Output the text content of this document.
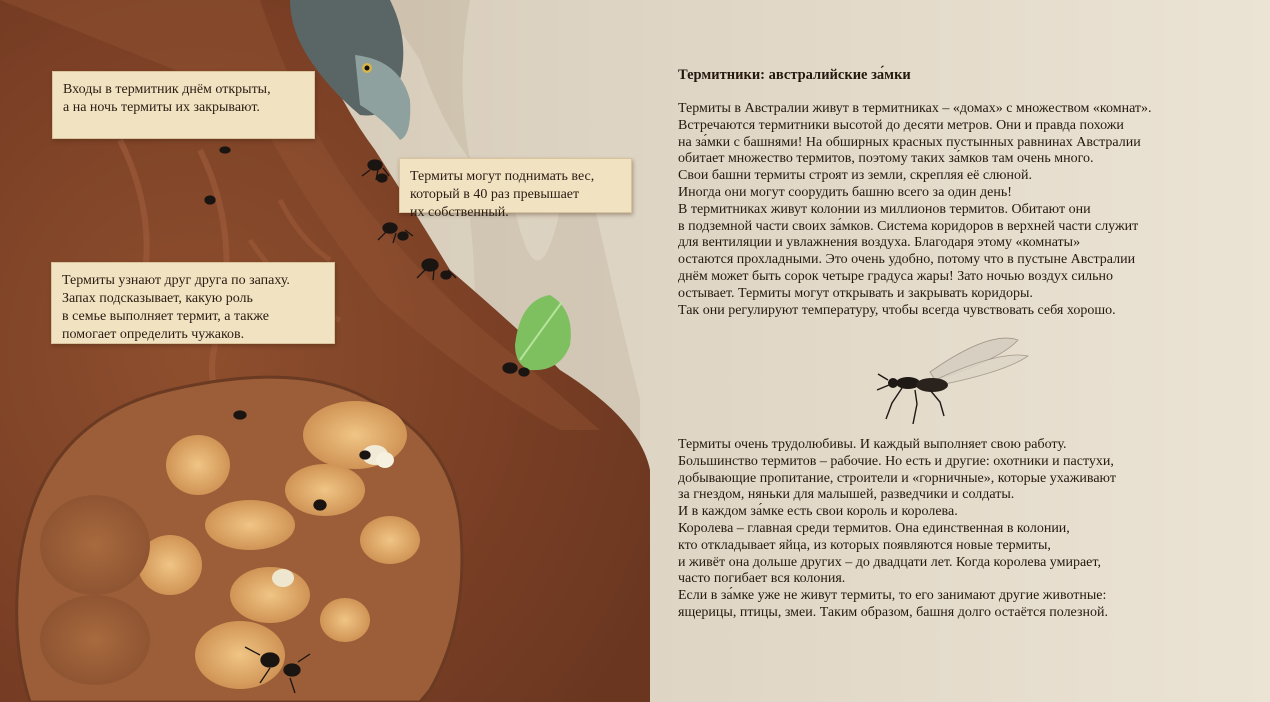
Входы в термитник днём открыты,
а на ночь термиты их закрывают.
Термиты могут поднимать вес,
который в 40 раз превышает
их собственный.
Термиты узнают друг друга по запаху.
Запах подсказывает, какую роль
в семье выполняет термит, а также
помогает определить чужаков.
Термитники: австралийские за́мки
Термиты в Австралии живут в термитниках – «домах» с множеством «комнат».
Встречаются термитники высотой до десяти метров. Они и правда похожи
на за́мки с башнями! На обширных красных пустынных равнинах Австралии
обитает множество термитов, поэтому таких за́мков там очень много.
Свои башни термиты строят из земли, скрепляя её слюной.
Иногда они могут соорудить башню всего за один день!
В термитниках живут колонии из миллионов термитов. Обитают они
в подземной части своих за́мков. Система коридоров в верхней части служит
для вентиляции и увлажнения воздуха. Благодаря этому «комнаты»
остаются прохладными. Это очень удобно, потому что в пустыне Австралии
днём может быть сорок четыре градуса жары! Зато ночью воздух сильно
остывает. Термиты могут открывать и закрывать коридоры.
Так они регулируют температуру, чтобы всегда чувствовать себя хорошо.
Термиты очень трудолюбивы. И каждый выполняет свою работу.
Большинство термитов – рабочие. Но есть и другие: охотники и пастухи,
добывающие пропитание, строители и «горничные», которые ухаживают
за гнездом, няньки для малышей, разведчики и солдаты.
И в каждом за́мке есть свои король и королева.
Королева – главная среди термитов. Она единственная в колонии,
кто откладывает яйца, из которых появляются новые термиты,
и живёт она дольше других – до двадцати лет. Когда королева умирает,
часто погибает вся колония.
Если в за́мке уже не живут термиты, то его занимают другие животные:
ящерицы, птицы, змеи. Таким образом, башня долго остаётся полезной.
